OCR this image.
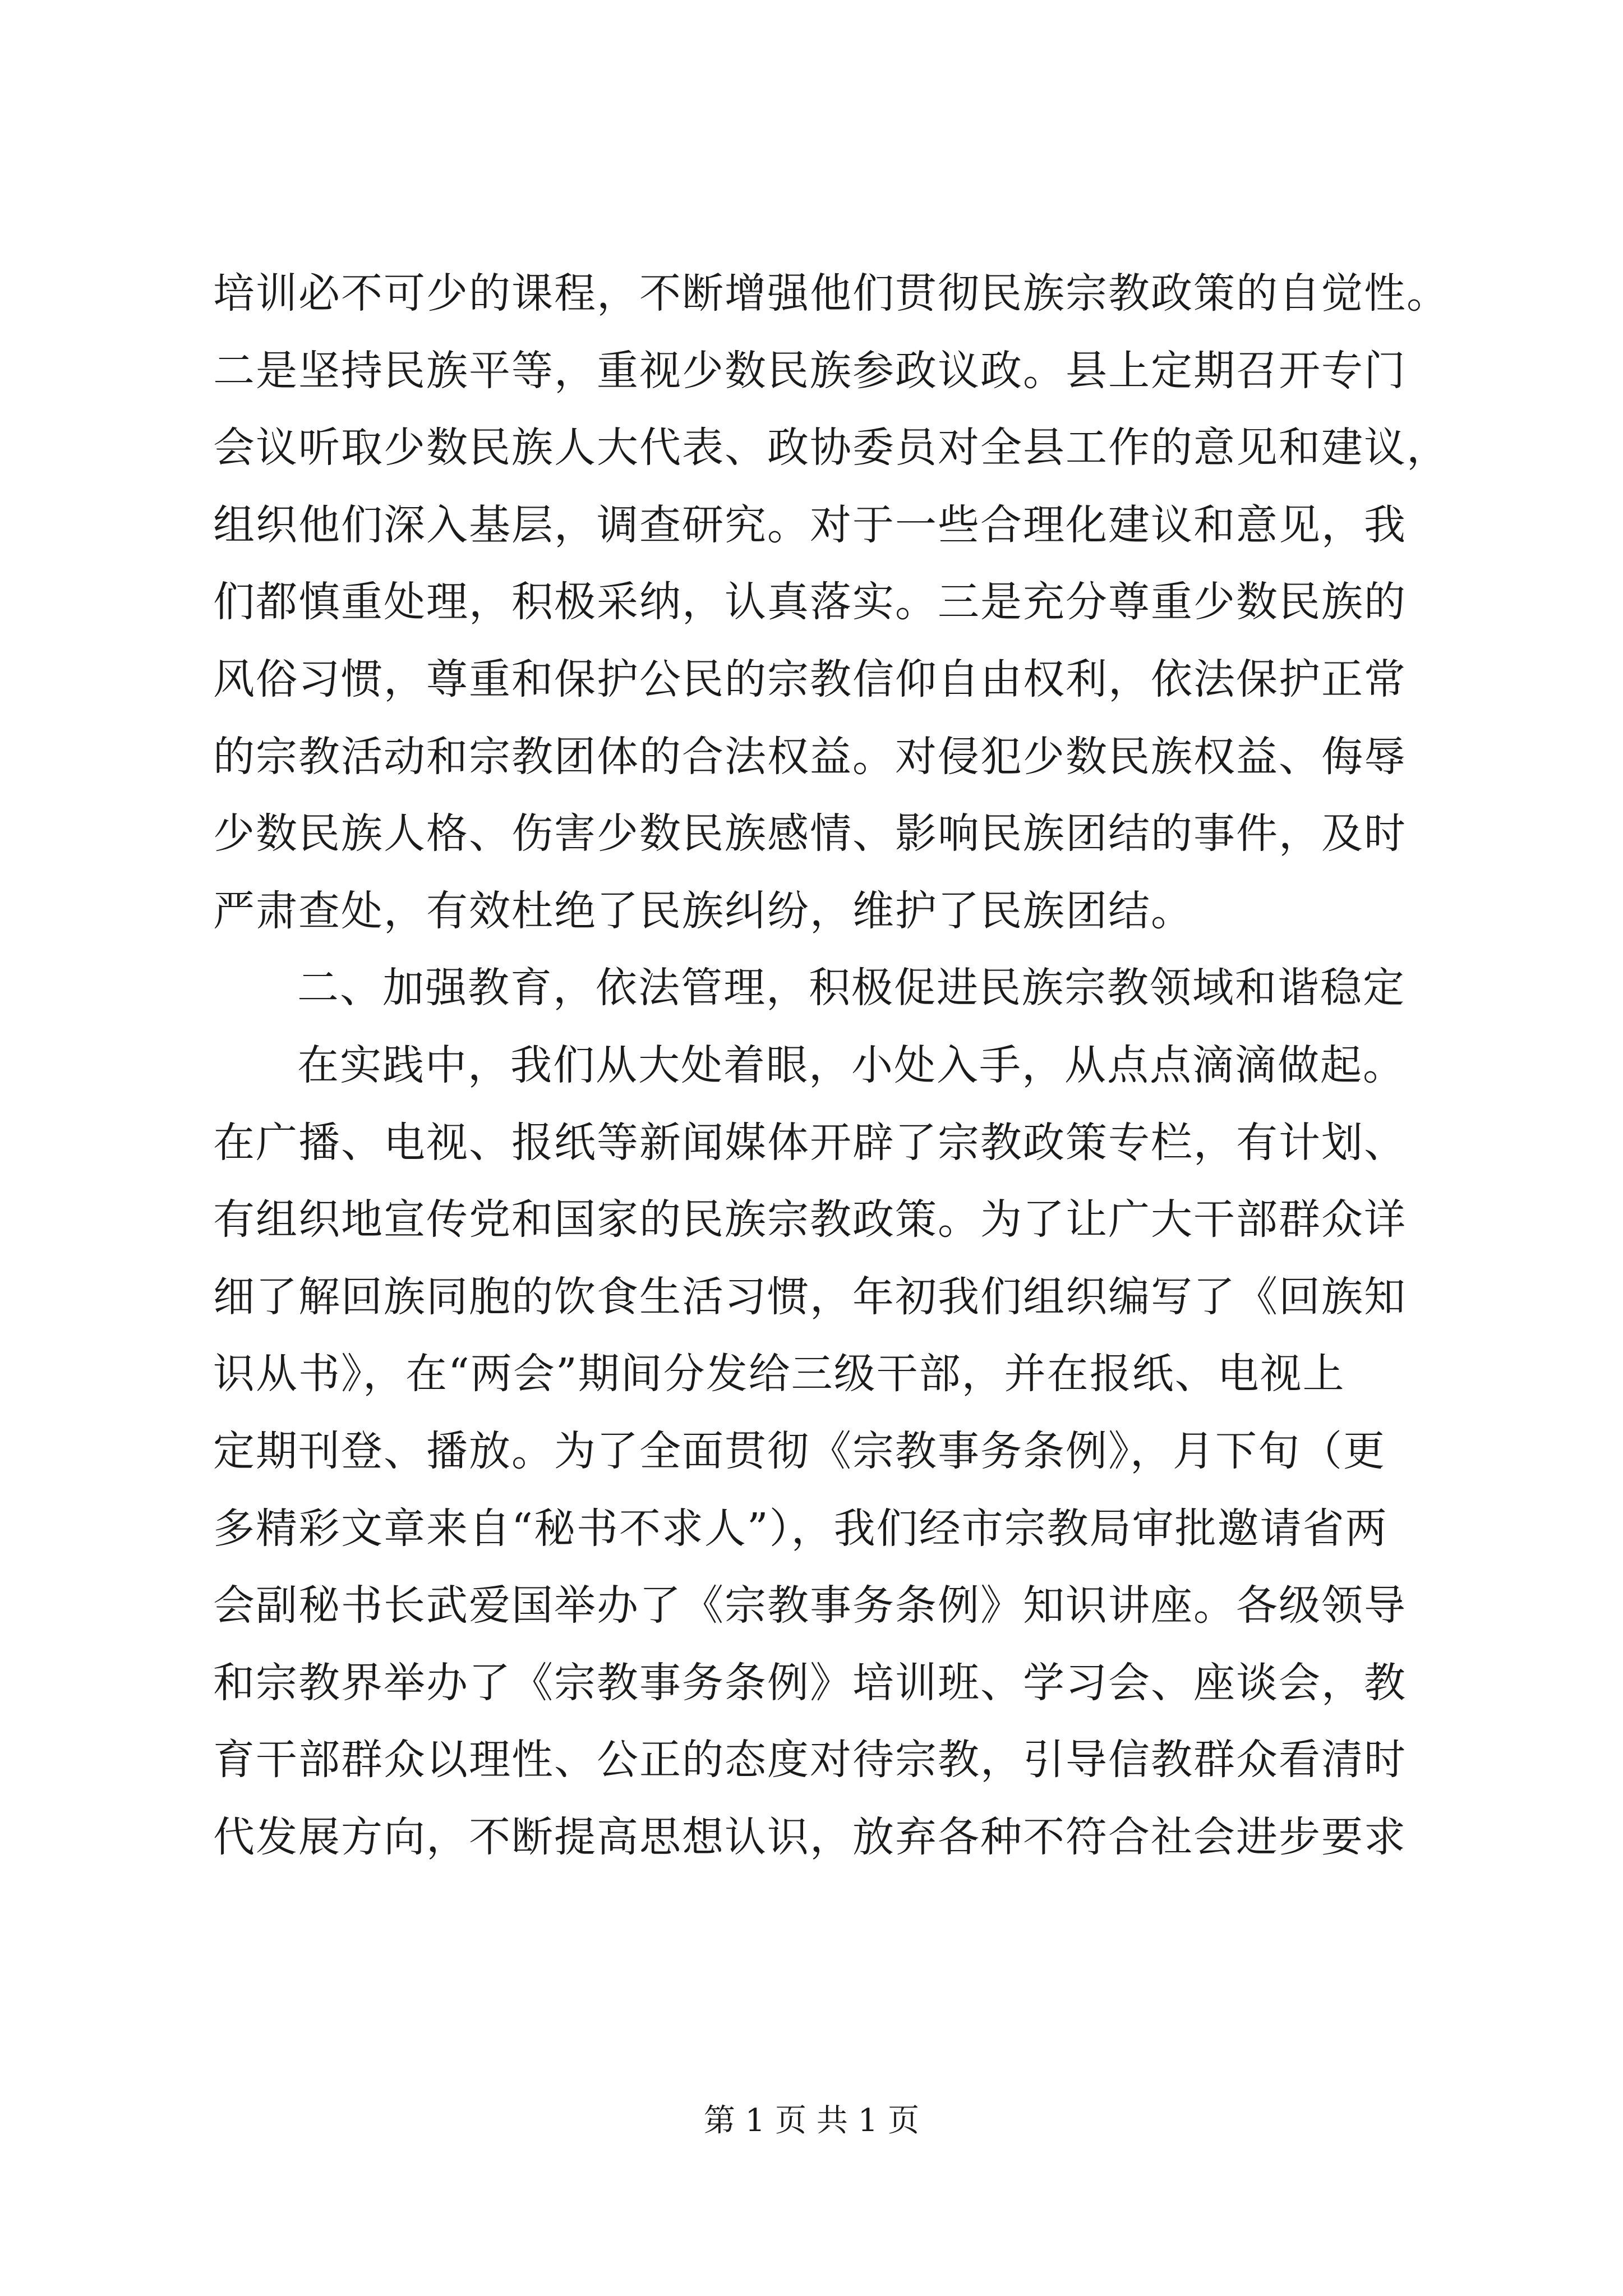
培训必不可少的课程，不断增强他们贯彻民族宗教政策的自觉性。
二是坚持民族平等，重视少数民族参政议政。县上定期召开专门
会议听取少数民族人大代表、政协委员对全县工作的意见和建议，
组织他们深入基层，调查研究。对于一些合理化建议和意见，我
们都慎重处理，积极采纳，认真落实。三是充分尊重少数民族的
风俗习惯，尊重和保护公民的宗教信仰自由权利，依法保护正常
的宗教活动和宗教团体的合法权益。对侵犯少数民族权益、侮辱
少数民族人格、伤害少数民族感情、影响民族团结的事件，及时
严肃查处，有效杜绝了民族纠纷，维护了民族团结。
二、加强教育，依法管理，积极促进民族宗教领域和谐稳定
在实践中，我们从大处着眼，小处入手，从点点滴滴做起。
在广播、电视、报纸等新闻媒体开辟了宗教政策专栏，有计划、
有组织地宣传党和国家的民族宗教政策。为了让广大干部群众详
细了解回族同胞的饮食生活习惯，年初我们组织编写了《回族知
识从书》，在“两会”期间分发给三级干部，并在报纸、电视上
定期刊登、播放。为了全面贯彻《宗教事务条例》，月下旬（更
多精彩文章来自“秘书不求人”），我们经市宗教局审批邀请省两
会副秘书长武爱国举办了《宗教事务条例》知识讲座。各级领导
和宗教界举办了《宗教事务条例》培训班、学习会、座谈会，教
育干部群众以理性、公正的态度对待宗教，引导信教群众看清时
代发展方向，不断提高思想认识，放弃各种不符合社会进步要求
第 1 页 共 1 页
